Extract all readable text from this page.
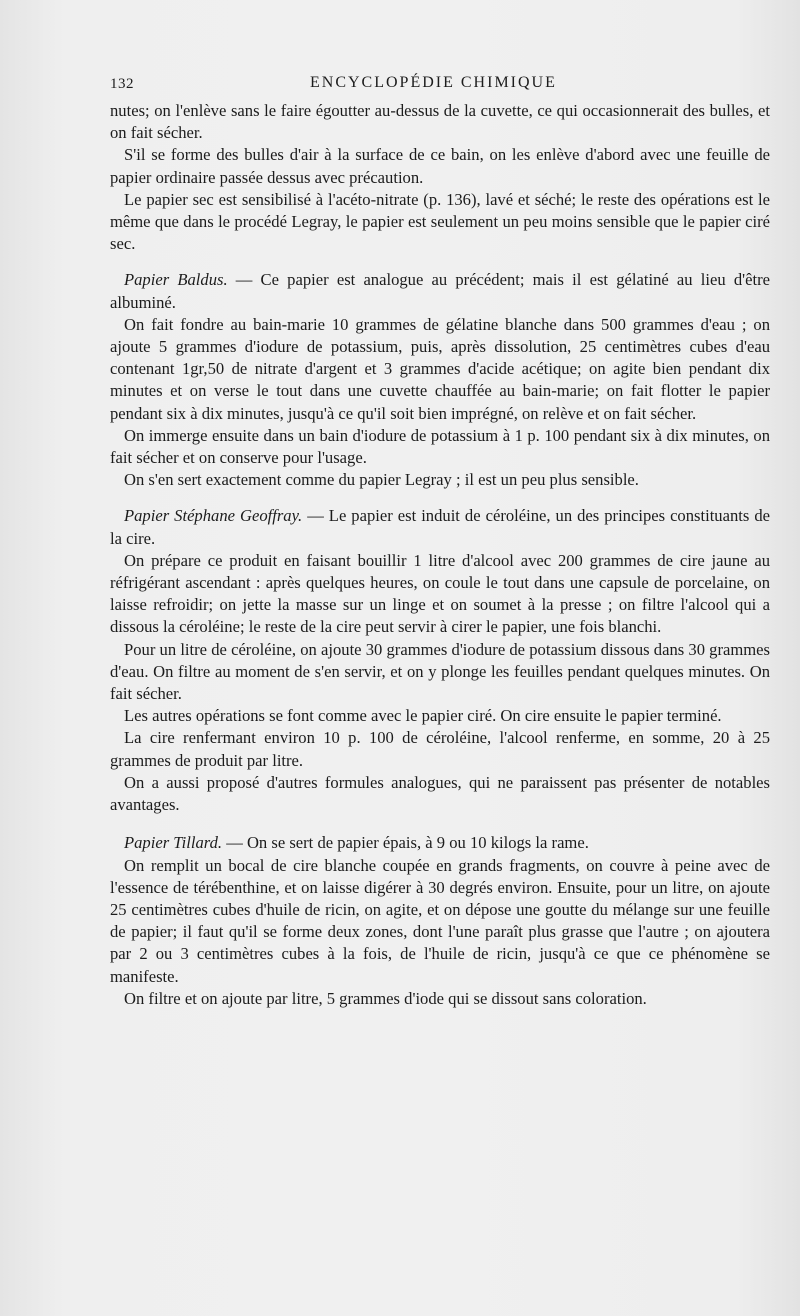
132	ENCYCLOPÉDIE CHIMIQUE

nutes; on l'enlève sans le faire égoutter au-dessus de la cuvette, ce qui occasionnerait des bulles, et on fait sécher.

S'il se forme des bulles d'air à la surface de ce bain, on les enlève d'abord avec une feuille de papier ordinaire passée dessus avec précaution.

Le papier sec est sensibilisé à l'acéto-nitrate (p. 136), lavé et séché; le reste des opérations est le même que dans le procédé Legray, le papier est seulement un peu moins sensible que le papier ciré sec.

Papier Baldus. — Ce papier est analogue au précédent; mais il est gélatiné au lieu d'être albuminé.

On fait fondre au bain-marie 10 grammes de gélatine blanche dans 500 grammes d'eau ; on ajoute 5 grammes d'iodure de potassium, puis, après dissolution, 25 centimètres cubes d'eau contenant 1gr,50 de nitrate d'argent et 3 grammes d'acide acétique; on agite bien pendant dix minutes et on verse le tout dans une cuvette chauffée au bain-marie; on fait flotter le papier pendant six à dix minutes, jusqu'à ce qu'il soit bien imprégné, on relève et on fait sécher.

On immerge ensuite dans un bain d'iodure de potassium à 1 p. 100 pendant six à dix minutes, on fait sécher et on conserve pour l'usage.

On s'en sert exactement comme du papier Legray ; il est un peu plus sensible.

Papier Stéphane Geoffray. — Le papier est induit de céroléine, un des principes constituants de la cire.

On prépare ce produit en faisant bouillir 1 litre d'alcool avec 200 grammes de cire jaune au réfrigérant ascendant : après quelques heures, on coule le tout dans une capsule de porcelaine, on laisse refroidir; on jette la masse sur un linge et on soumet à la presse ; on filtre l'alcool qui a dissous la céroléine; le reste de la cire peut servir à cirer le papier, une fois blanchi.

Pour un litre de céroléine, on ajoute 30 grammes d'iodure de potassium dissous dans 30 grammes d'eau. On filtre au moment de s'en servir, et on y plonge les feuilles pendant quelques minutes. On fait sécher.

Les autres opérations se font comme avec le papier ciré. On cire ensuite le papier terminé.

La cire renfermant environ 10 p. 100 de céroléine, l'alcool renferme, en somme, 20 à 25 grammes de produit par litre.

On a aussi proposé d'autres formules analogues, qui ne paraissent pas présenter de notables avantages.

Papier Tillard. — On se sert de papier épais, à 9 ou 10 kilogs la rame.

On remplit un bocal de cire blanche coupée en grands fragments, on couvre à peine avec de l'essence de térébenthine, et on laisse digérer à 30 degrés environ. Ensuite, pour un litre, on ajoute 25 centimètres cubes d'huile de ricin, on agite, et on dépose une goutte du mélange sur une feuille de papier; il faut qu'il se forme deux zones, dont l'une paraît plus grasse que l'autre ; on ajoutera par 2 ou 3 centimètres cubes à la fois, de l'huile de ricin, jusqu'à ce que ce phénomène se manifeste.

On filtre et on ajoute par litre, 5 grammes d'iode qui se dissout sans coloration.
